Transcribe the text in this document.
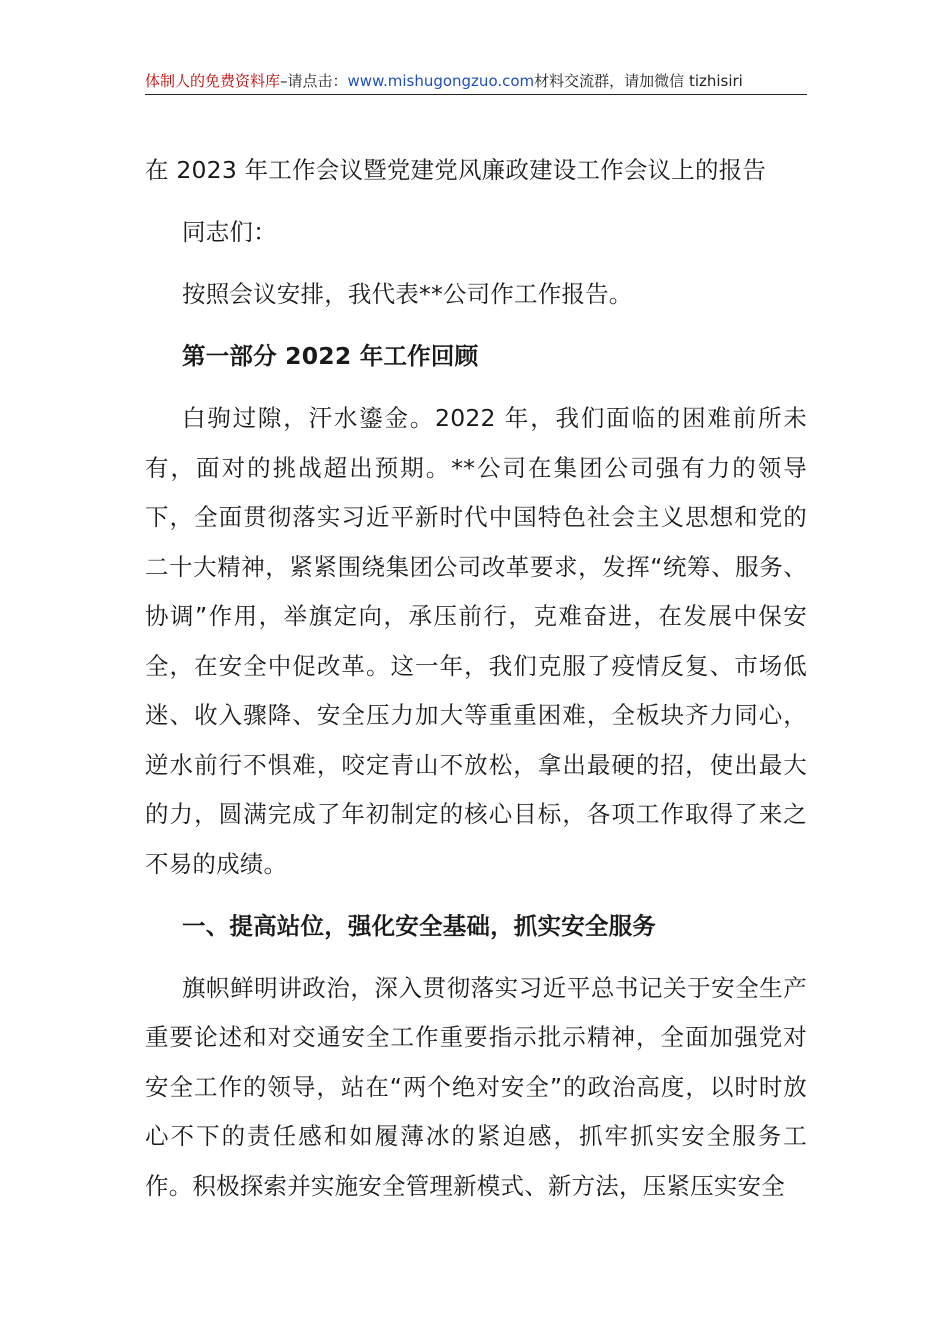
体制人的免费资料库–请点击：www.mishugongzuo.com材料交流群，请加微信 tizhisiri

在 2023 年工作会议暨党建党风廉政建设工作会议上的报告

同志们：

按照会议安排，我代表**公司作工作报告。

第一部分 2022 年工作回顾

白驹过隙，汗水鎏金。2022 年，我们面临的困难前所未有，面对的挑战超出预期。**公司在集团公司强有力的领导下，全面贯彻落实习近平新时代中国特色社会主义思想和党的二十大精神，紧紧围绕集团公司改革要求，发挥“统筹、服务、协调”作用，举旗定向，承压前行，克难奋进，在发展中保安全，在安全中促改革。这一年，我们克服了疫情反复、市场低迷、收入骤降、安全压力加大等重重困难，全板块齐力同心，逆水前行不惧难，咬定青山不放松，拿出最硬的招，使出最大的力，圆满完成了年初制定的核心目标，各项工作取得了来之不易的成绩。

一、提高站位，强化安全基础，抓实安全服务

旗帜鲜明讲政治，深入贯彻落实习近平总书记关于安全生产重要论述和对交通安全工作重要指示批示精神，全面加强党对安全工作的领导，站在“两个绝对安全”的政治高度，以时时放心不下的责任感和如履薄冰的紧迫感，抓牢抓实安全服务工作。积极探索并实施安全管理新模式、新方法，压紧压实安全
